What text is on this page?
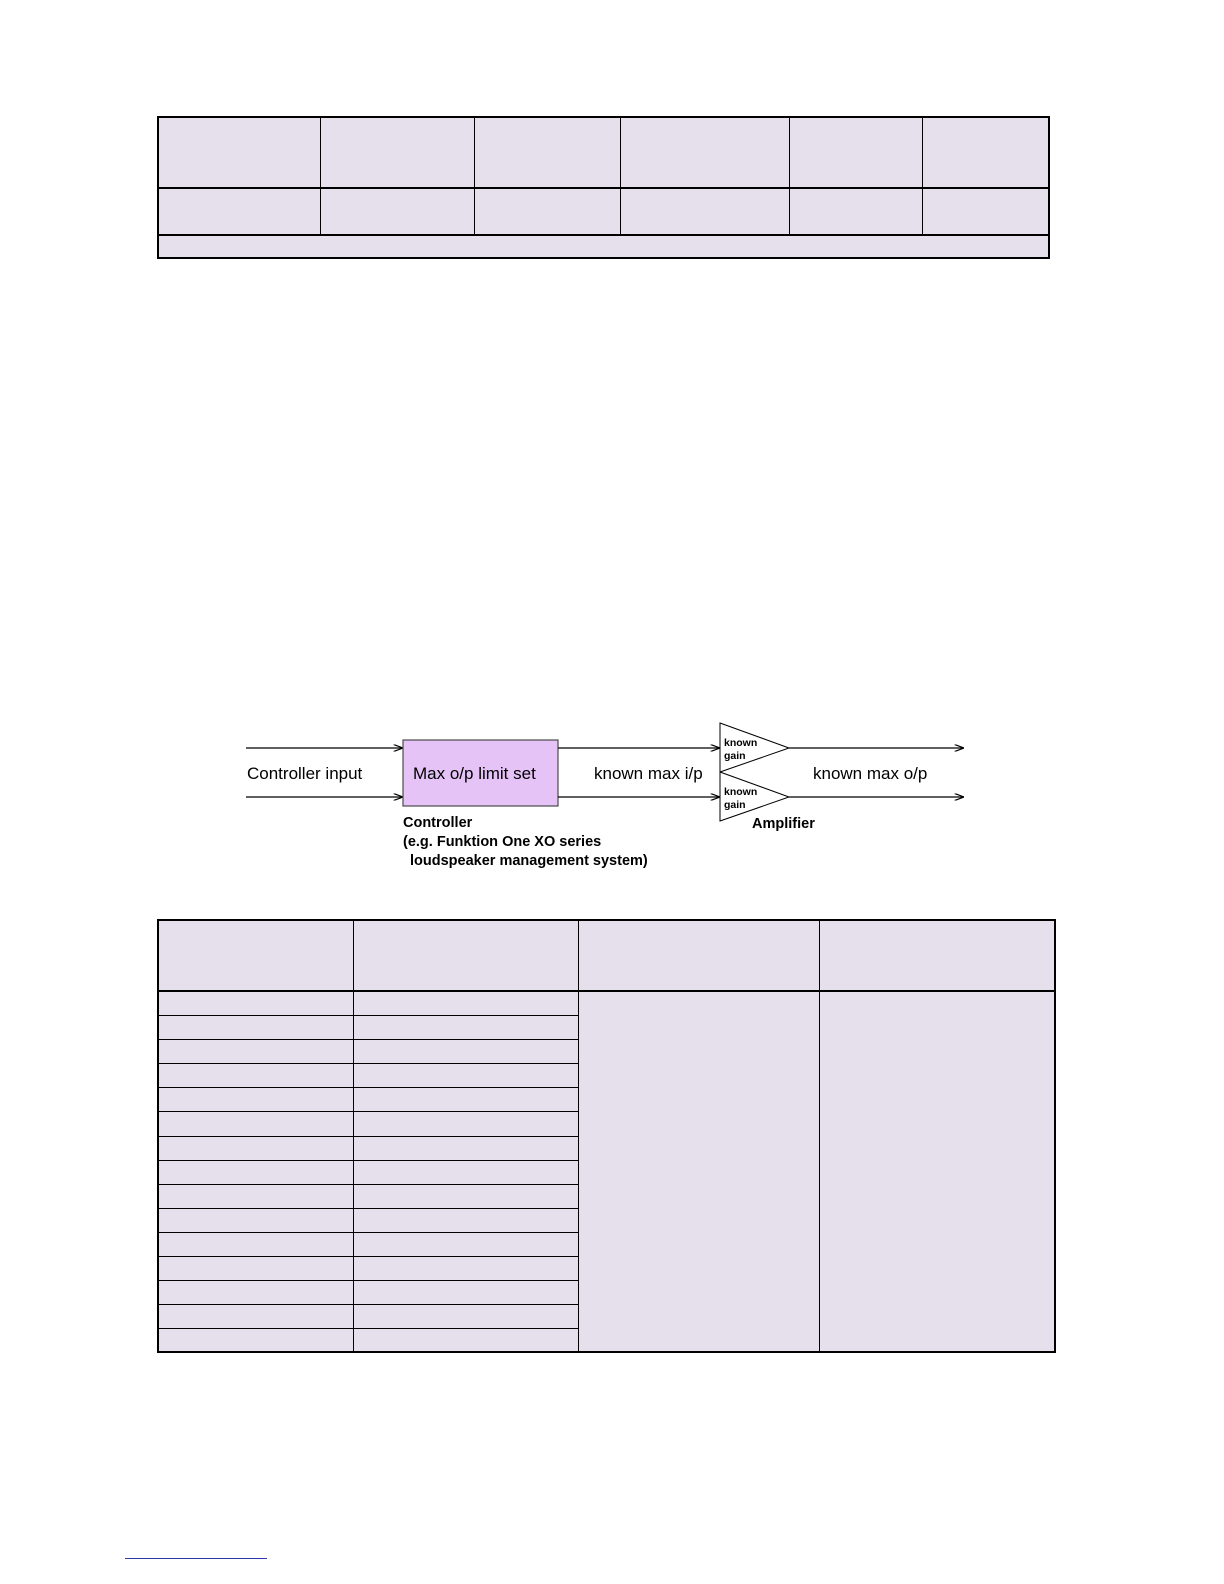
Controller input	Max o/p limit set	known max i/p	known max o/p
known
gain
known
gain
Amplifier
Controller
(e.g. Funktion One XO series
loudspeaker management system)
